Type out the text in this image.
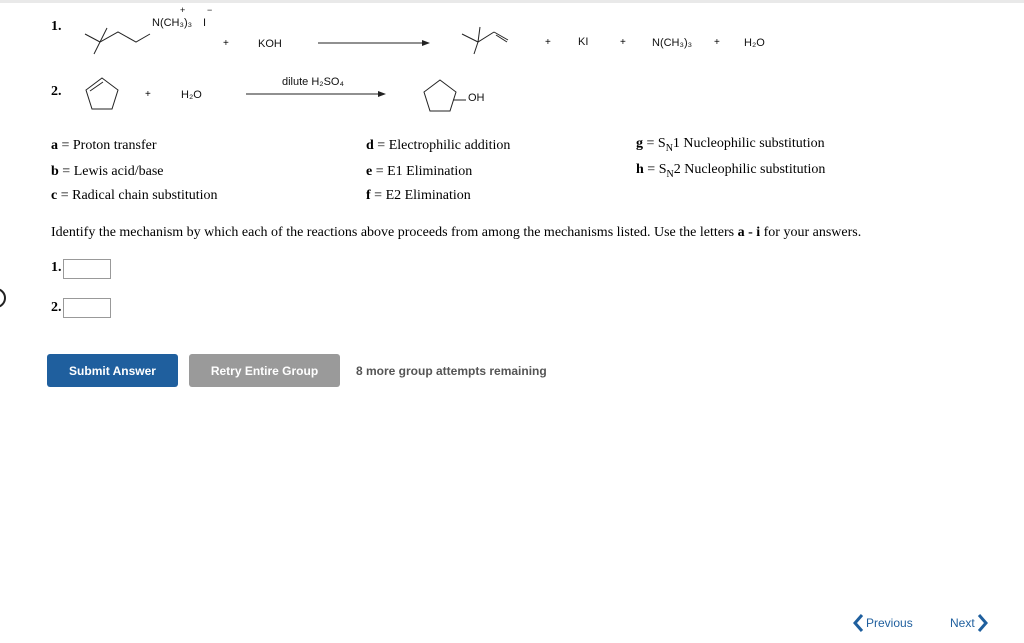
1.
+ −
N(CH₃)₃ I
+	KOH	+ KI	+ N(CH₃)₃ + H₂O
2.	+	H₂O
dilute H₂SO₄
OH
a = Proton transfer
b = Lewis acid/base
c = Radical chain substitution
d = Electrophilic addition
e = E1 Elimination
f = E2 Elimination
$g = S_N1$ Nucleophilic substitution
$h = S_N2$ Nucleophilic substitution
Identify the mechanism by which each of the reactions above proceeds from among the mechanisms listed. Use the letters a - i for your answers.
1.
2.
Submit Answer	Retry Entire Group	8 more group attempts remaining
Previous	Next
